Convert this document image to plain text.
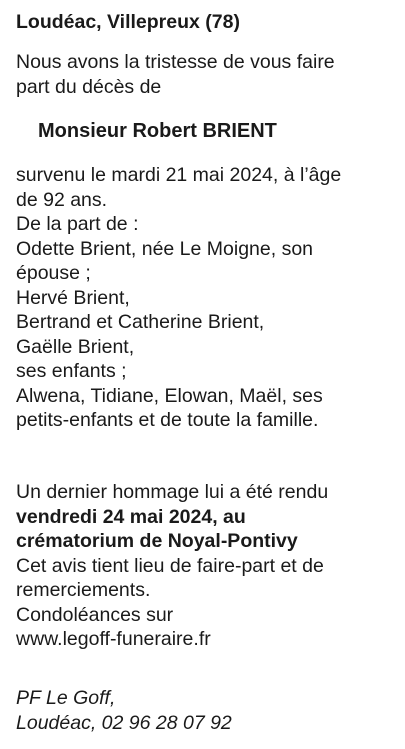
Loudéac, Villepreux (78)
Nous avons la tristesse de vous faire
part du décès de
Monsieur Robert BRIENT
survenu le mardi 21 mai 2024, à l’âge
de 92 ans.
De la part de :
Odette Brient, née Le Moigne, son
épouse ;
Hervé Brient,
Bertrand et Catherine Brient,
Gaëlle Brient,
ses enfants ;
Alwena, Tidiane, Elowan, Maël, ses
petits-enfants et de toute la famille.
Un dernier hommage lui a été rendu
vendredi 24 mai 2024, au
crématorium de Noyal-Pontivy
Cet avis tient lieu de faire-part et de
remerciements.
Condoléances sur
www.legoff-funeraire.fr
PF Le Goff,
Loudéac, 02 96 28 07 92
